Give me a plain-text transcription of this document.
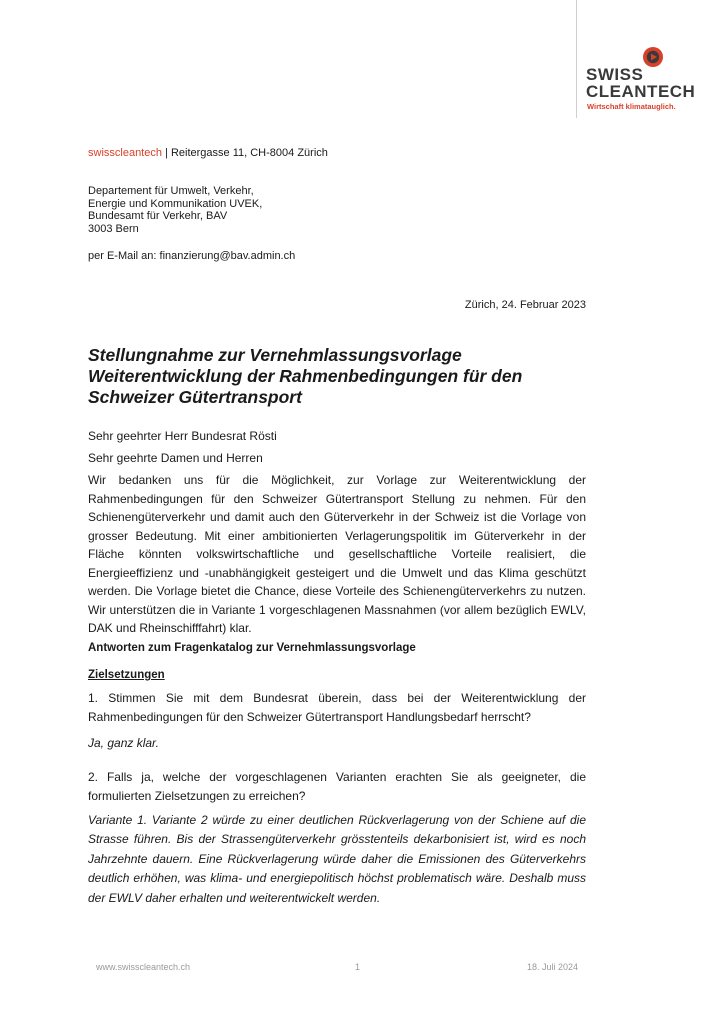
SWISS
CLEANTECH
Wirtschaft klimatauglich.
swisscleantech | Reitergasse 11, CH-8004 Zürich
Departement für Umwelt, Verkehr,
Energie und Kommunikation UVEK,
Bundesamt für Verkehr, BAV
3003 Bern
per E-Mail an: finanzierung@bav.admin.ch
Zürich, 24. Februar 2023
Stellungnahme zur Vernehmlassungsvorlage
Weiterentwicklung der Rahmenbedingungen für den
Schweizer Gütertransport
Sehr geehrter Herr Bundesrat Rösti
Sehr geehrte Damen und Herren
Wir bedanken uns für die Möglichkeit, zur Vorlage zur Weiterentwicklung der Rahmenbedingungen für den Schweizer Gütertransport Stellung zu nehmen. Für den Schienengüterverkehr und damit auch den Güterverkehr in der Schweiz ist die Vorlage von grosser Bedeutung. Mit einer ambitionierten Verlagerungspolitik im Güterverkehr in der Fläche könnten volkswirtschaftliche und gesellschaftliche Vorteile realisiert, die Energieeffizienz und -unabhängigkeit gesteigert und die Umwelt und das Klima geschützt werden. Die Vorlage bietet die Chance, diese Vorteile des Schienengüterverkehrs zu nutzen. Wir unterstützen die in Variante 1 vorgeschlagenen Massnahmen (vor allem bezüglich EWLV, DAK und Rheinschifffahrt) klar.
Antworten zum Fragenkatalog zur Vernehmlassungsvorlage
Zielsetzungen
1. Stimmen Sie mit dem Bundesrat überein, dass bei der Weiterentwicklung der Rahmenbedingungen für den Schweizer Gütertransport Handlungsbedarf herrscht?
Ja, ganz klar.
2. Falls ja, welche der vorgeschlagenen Varianten erachten Sie als geeigneter, die formulierten Zielsetzungen zu erreichen?
Variante 1. Variante 2 würde zu einer deutlichen Rückverlagerung von der Schiene auf die Strasse führen. Bis der Strassengüterverkehr grösstenteils dekarbonisiert ist, wird es noch Jahrzehnte dauern. Eine Rückverlagerung würde daher die Emissionen des Güterverkehrs deutlich erhöhen, was klima- und energiepolitisch höchst problematisch wäre. Deshalb muss der EWLV daher erhalten und weiterentwickelt werden.
www.swisscleantech.ch	1	18. Juli 2024
